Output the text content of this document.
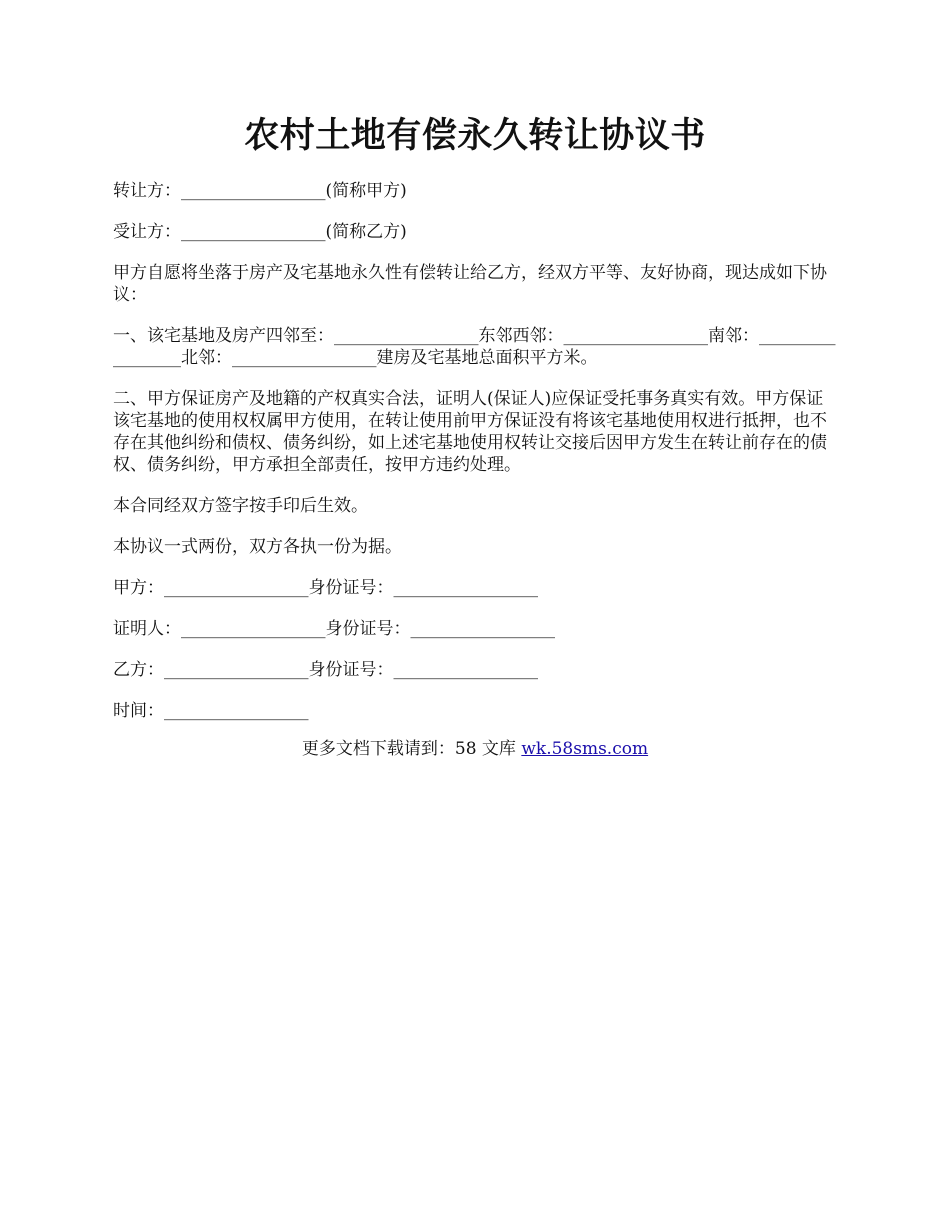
农村土地有偿永久转让协议书

转让方：_________________(简称甲方)

受让方：_________________(简称乙方)

甲方自愿将坐落于房产及宅基地永久性有偿转让给乙方，经双方平等、友好协商，现达成如下协议：

一、该宅基地及房产四邻至：_________________东邻西邻：_________________南邻：_________________北邻：_________________建房及宅基地总面积平方米。

二、甲方保证房产及地籍的产权真实合法，证明人(保证人)应保证受托事务真实有效。甲方保证该宅基地的使用权权属甲方使用，在转让使用前甲方保证没有将该宅基地使用权进行抵押，也不存在其他纠纷和债权、债务纠纷，如上述宅基地使用权转让交接后因甲方发生在转让前存在的债权、债务纠纷，甲方承担全部责任，按甲方违约处理。

本合同经双方签字按手印后生效。

本协议一式两份，双方各执一份为据。

甲方：_________________身份证号：_________________

证明人：_________________身份证号：_________________

乙方：_________________身份证号：_________________

时间：_________________

更多文档下载请到：58 文库 wk.58sms.com
